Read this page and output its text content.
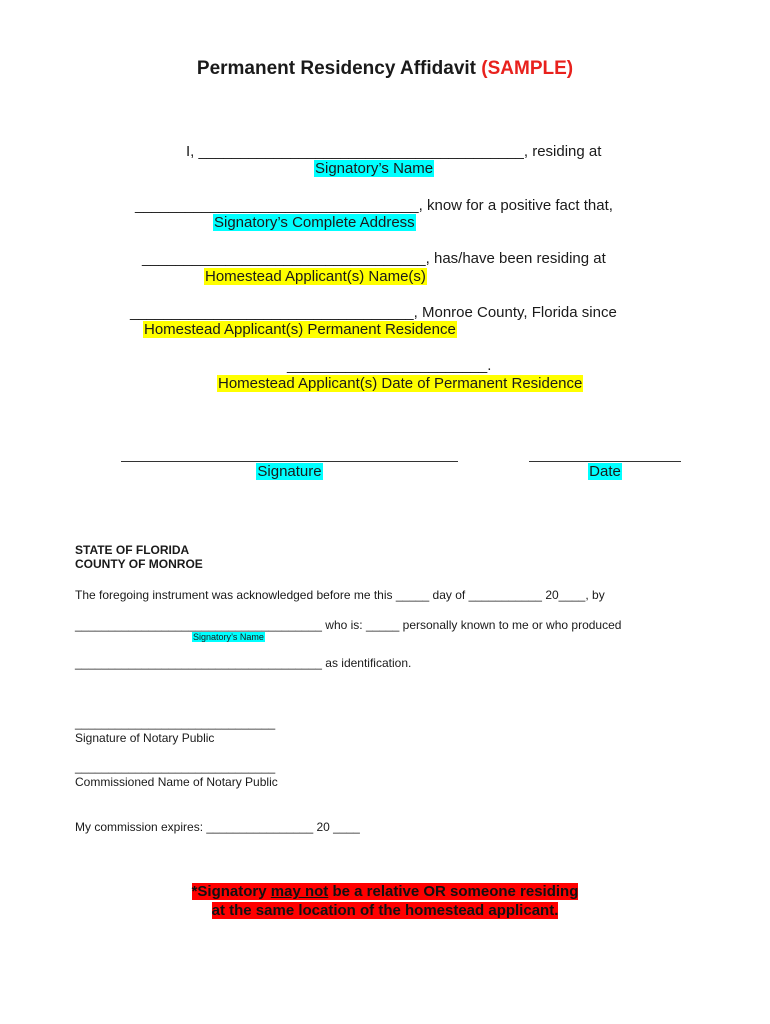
Permanent Residency Affidavit (SAMPLE)
I, _______________________________________, residing at
Signatory’s Name
__________________________________, know for a positive fact that,
Signatory’s Complete Address
__________________________________, has/have been residing at
Homestead Applicant(s) Name(s)
__________________________________, Monroe County, Florida since
Homestead Applicant(s) Permanent Residence
________________________.
Homestead Applicant(s) Date of Permanent Residence
Signature	Date
STATE OF FLORIDA
COUNTY OF MONROE
The foregoing instrument was acknowledged before me this _____ day of ___________ 20____, by
_____________________________________ who is: _____ personally known to me or who produced
Signatory’s Name
_____________________________________ as identification.
______________________________
Signature of Notary Public
______________________________
Commissioned Name of Notary Public
My commission expires: ________________ 20 ____
*Signatory may not be a relative OR someone residing
at the same location of the homestead applicant.
